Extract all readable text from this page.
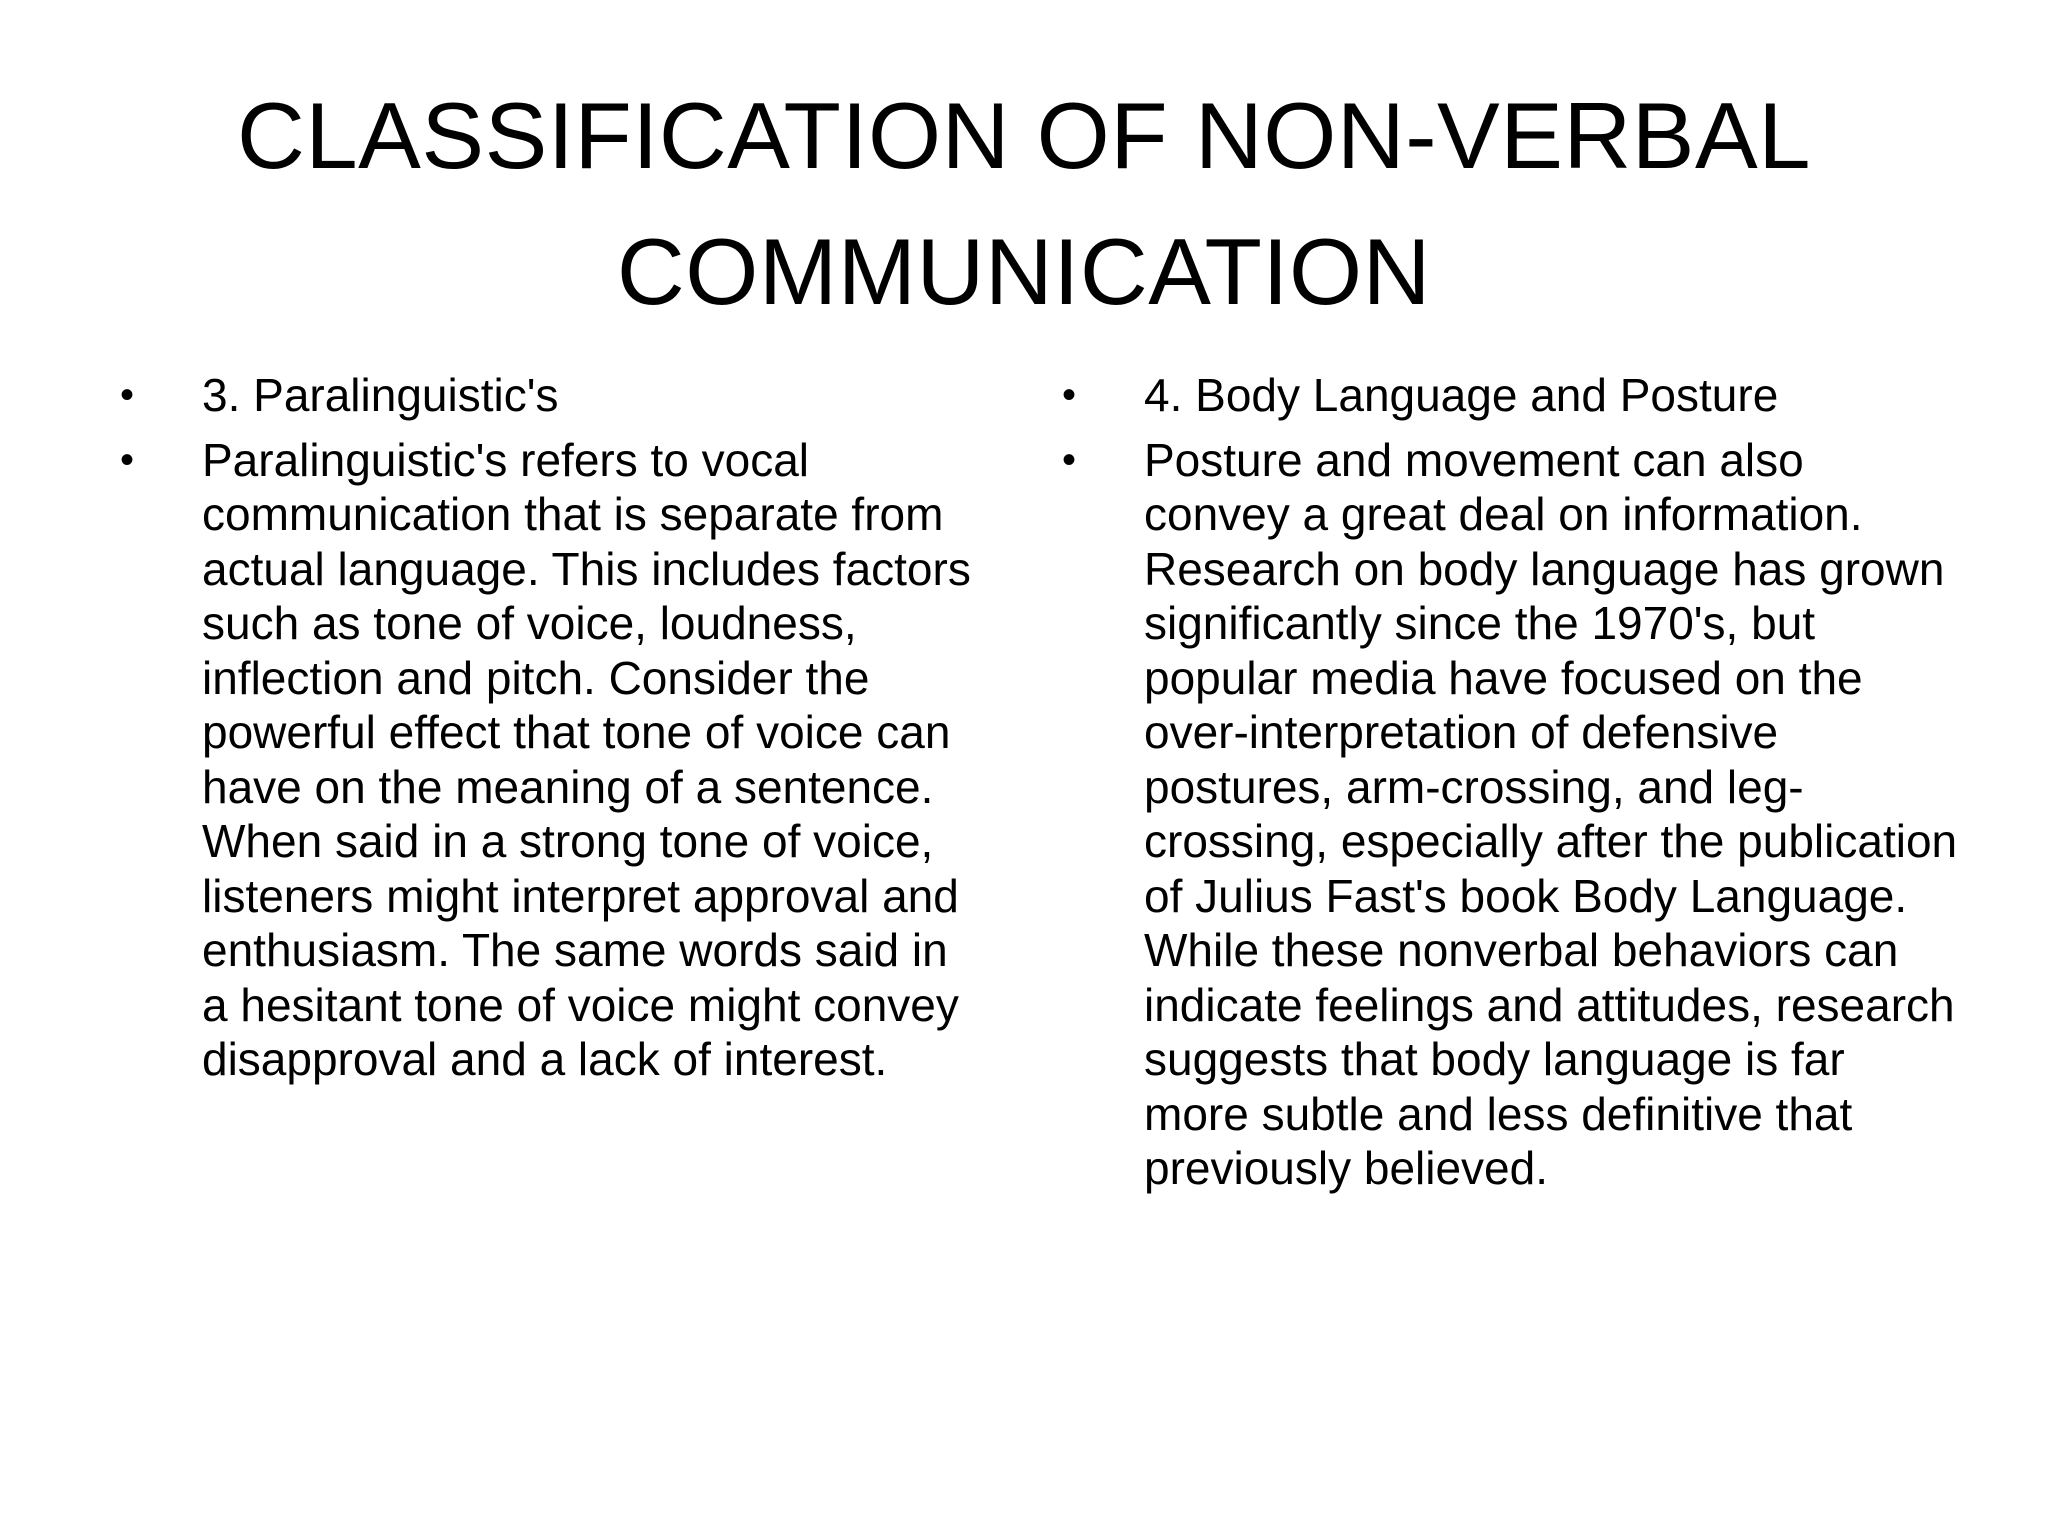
CLASSIFICATION OF NON-VERBAL COMMUNICATION
•	3. Paralinguistic's
•	Paralinguistic's refers to vocal communication that is separate from actual language. This includes factors such as tone of voice, loudness, inflection and pitch. Consider the powerful effect that tone of voice can have on the meaning of a sentence. When said in a strong tone of voice, listeners might interpret approval and enthusiasm. The same words said in a hesitant tone of voice might convey disapproval and a lack of interest.
•	4. Body Language and Posture
•	Posture and movement can also convey a great deal on information. Research on body language has grown significantly since the 1970's, but popular media have focused on the over-interpretation of defensive postures, arm-crossing, and leg-crossing, especially after the publication of Julius Fast's book Body Language. While these nonverbal behaviors can indicate feelings and attitudes, research suggests that body language is far more subtle and less definitive that previously believed.
